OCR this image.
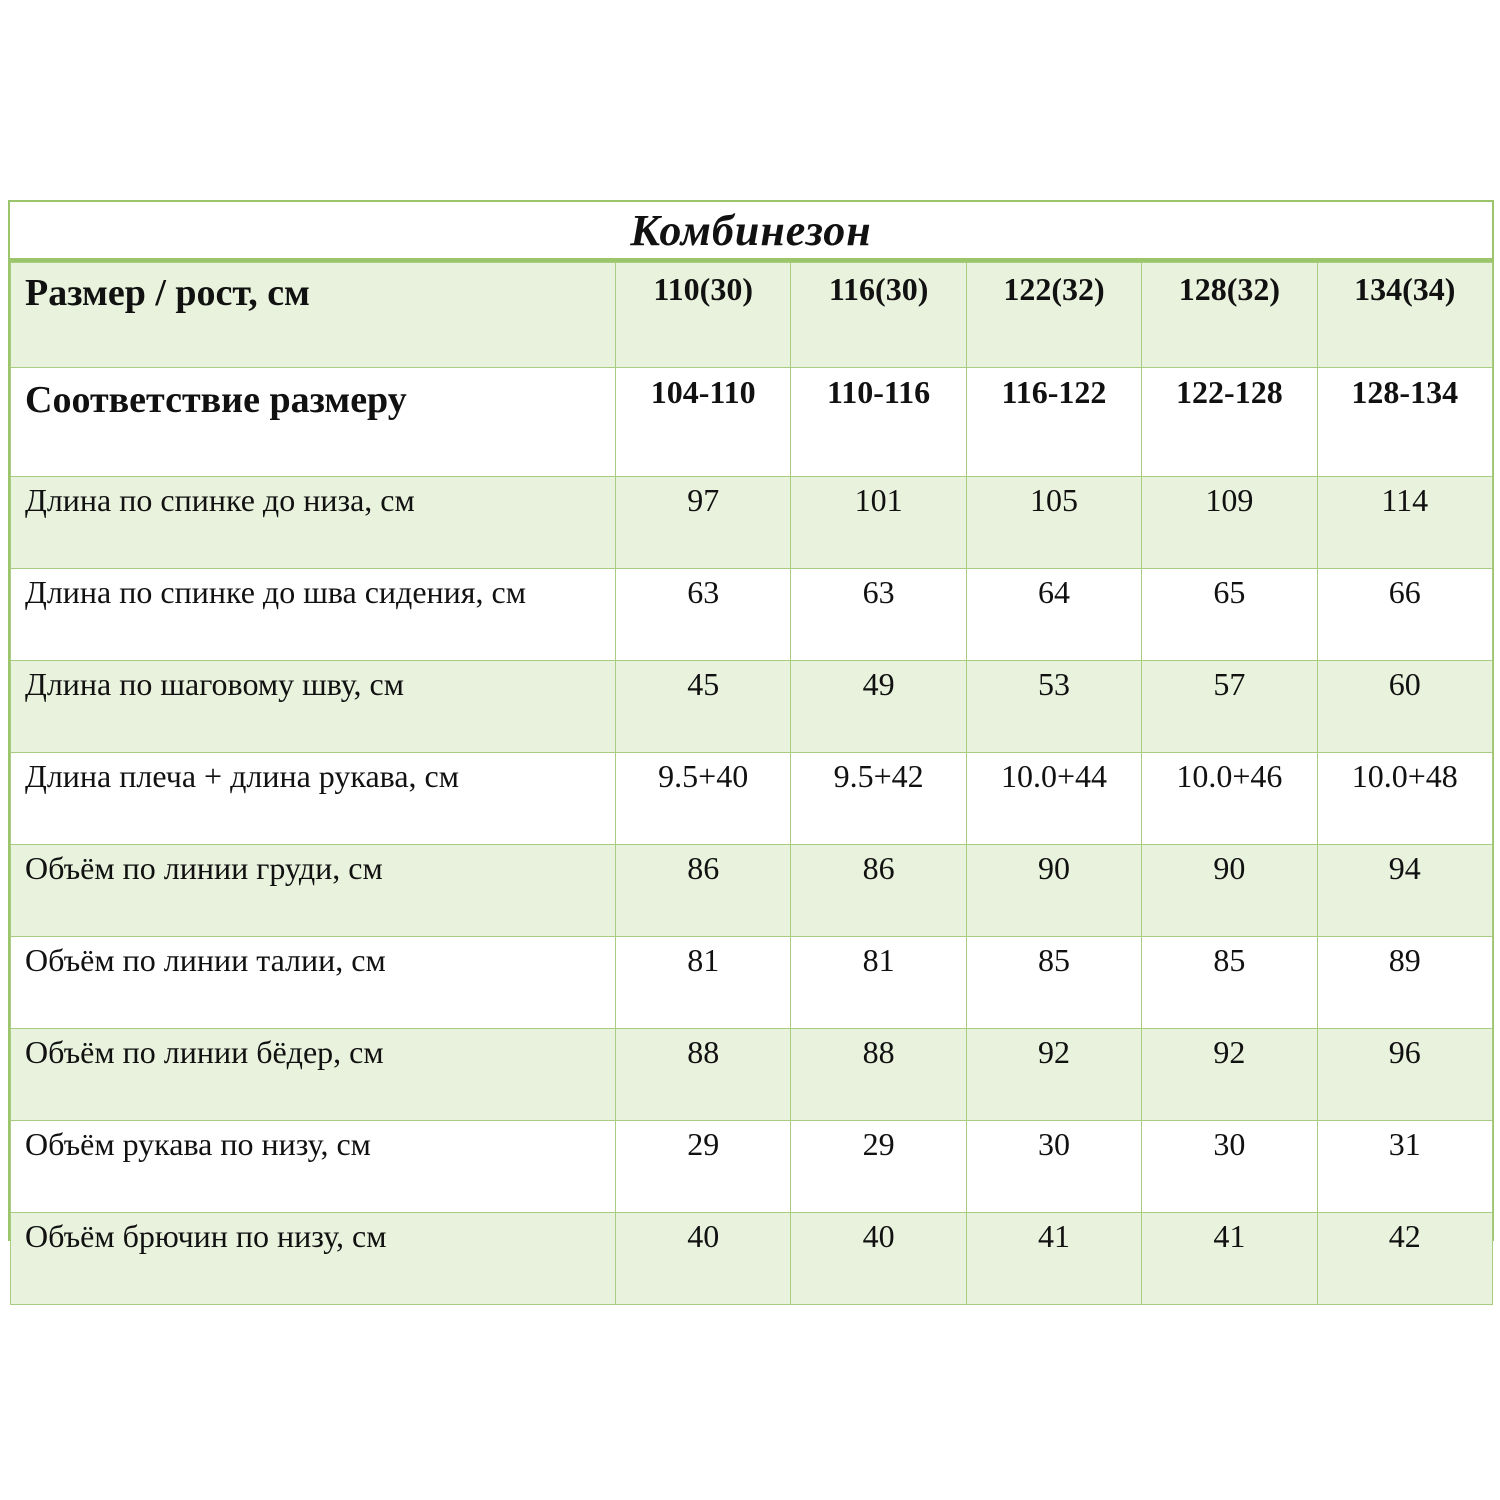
Комбинезон
Размер / рост, см	110(30)	116(30)	122(32)	128(32)	134(34)
Соответствие размеру	104-110	110-116	116-122	122-128	128-134
Длина по спинке до низа, см	97	101	105	109	114
Длина по спинке до шва сидения, см	63	63	64	65	66
Длина по шаговому шву, см	45	49	53	57	60
Длина плеча + длина рукава, см	9.5+40	9.5+42	10.0+44	10.0+46	10.0+48
Объём по линии груди, см	86	86	90	90	94
Объём по линии талии, см	81	81	85	85	89
Объём по линии бёдер, см	88	88	92	92	96
Объём рукава по низу, см	29	29	30	30	31
Объём брючин по низу, см	40	40	41	41	42
